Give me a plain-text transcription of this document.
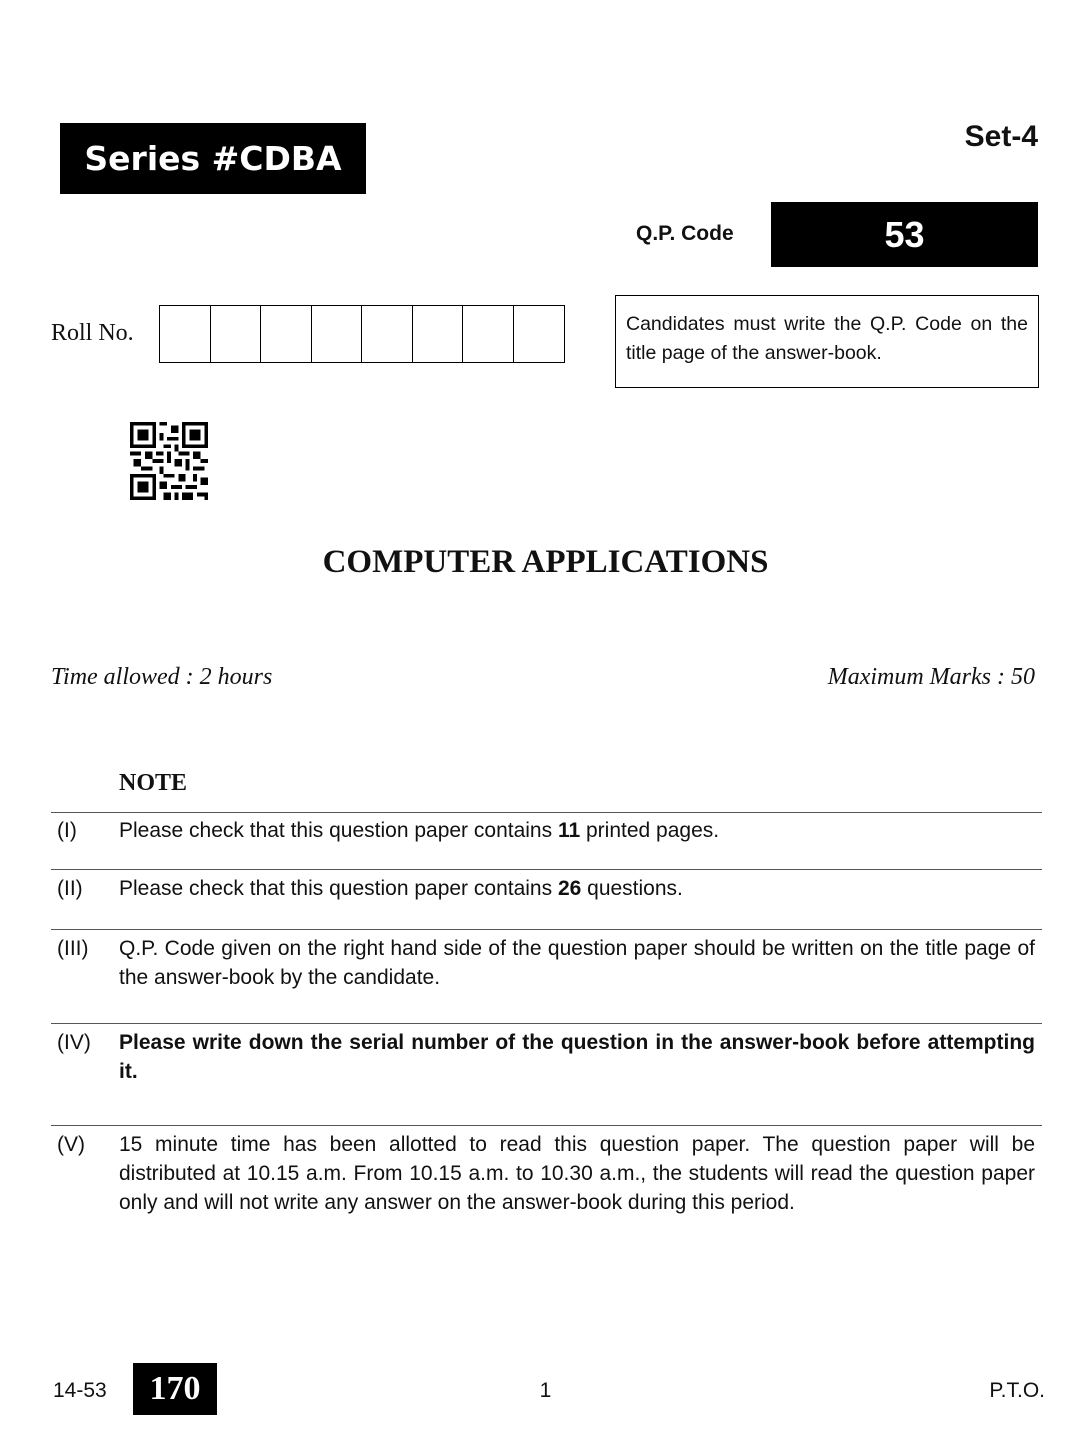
Series #CDBA
Set-4
Q.P. Code	53
Roll No.	Candidates must write the Q.P. Code on the title page of the answer-book.
COMPUTER APPLICATIONS
Time allowed : 2 hours	Maximum Marks : 50
NOTE
(I) Please check that this question paper contains 11 printed pages.
(II) Please check that this question paper contains 26 questions.
(III) Q.P. Code given on the right hand side of the question paper should be written on the title page of the answer-book by the candidate.
(IV) Please write down the serial number of the question in the answer-book before attempting it.
(V) 15 minute time has been allotted to read this question paper. The question paper will be distributed at 10.15 a.m. From 10.15 a.m. to 10.30 a.m., the students will read the question paper only and will not write any answer on the answer-book during this period.
14-53	170	1	P.T.O.
